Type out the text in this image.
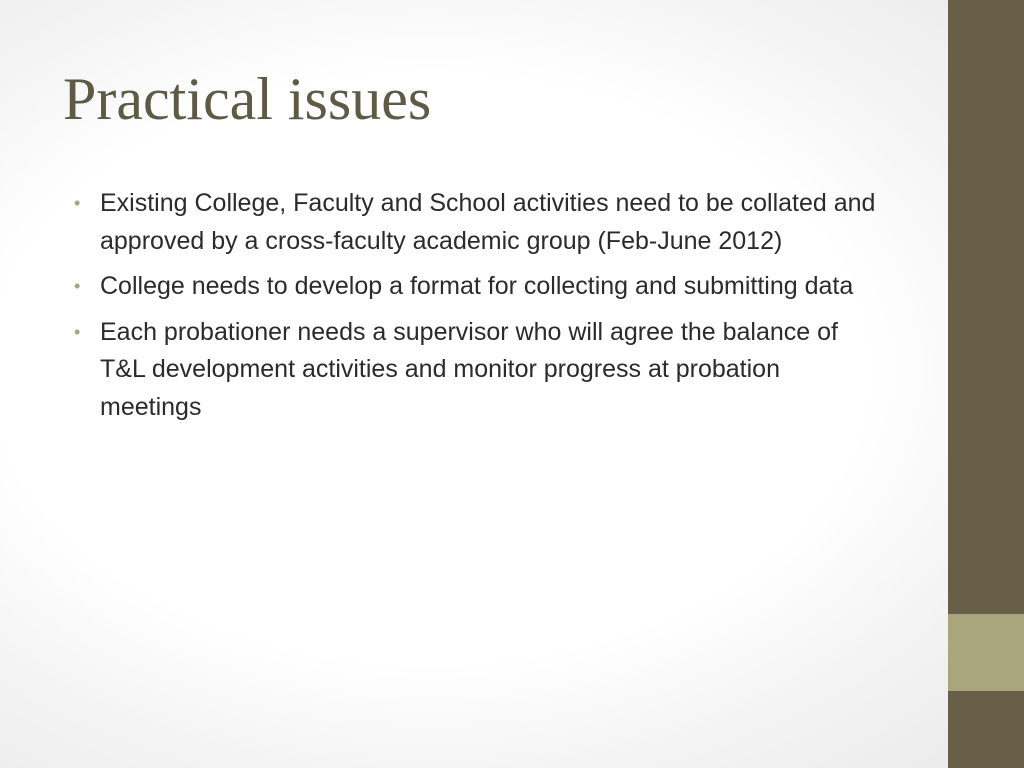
Practical issues
• Existing College, Faculty and School activities need to be collated and approved by a cross-faculty academic group (Feb-June 2012)
• College needs to develop a format for collecting and submitting data
• Each probationer needs a supervisor who will agree the balance of T&L development activities and monitor progress at probation meetings
